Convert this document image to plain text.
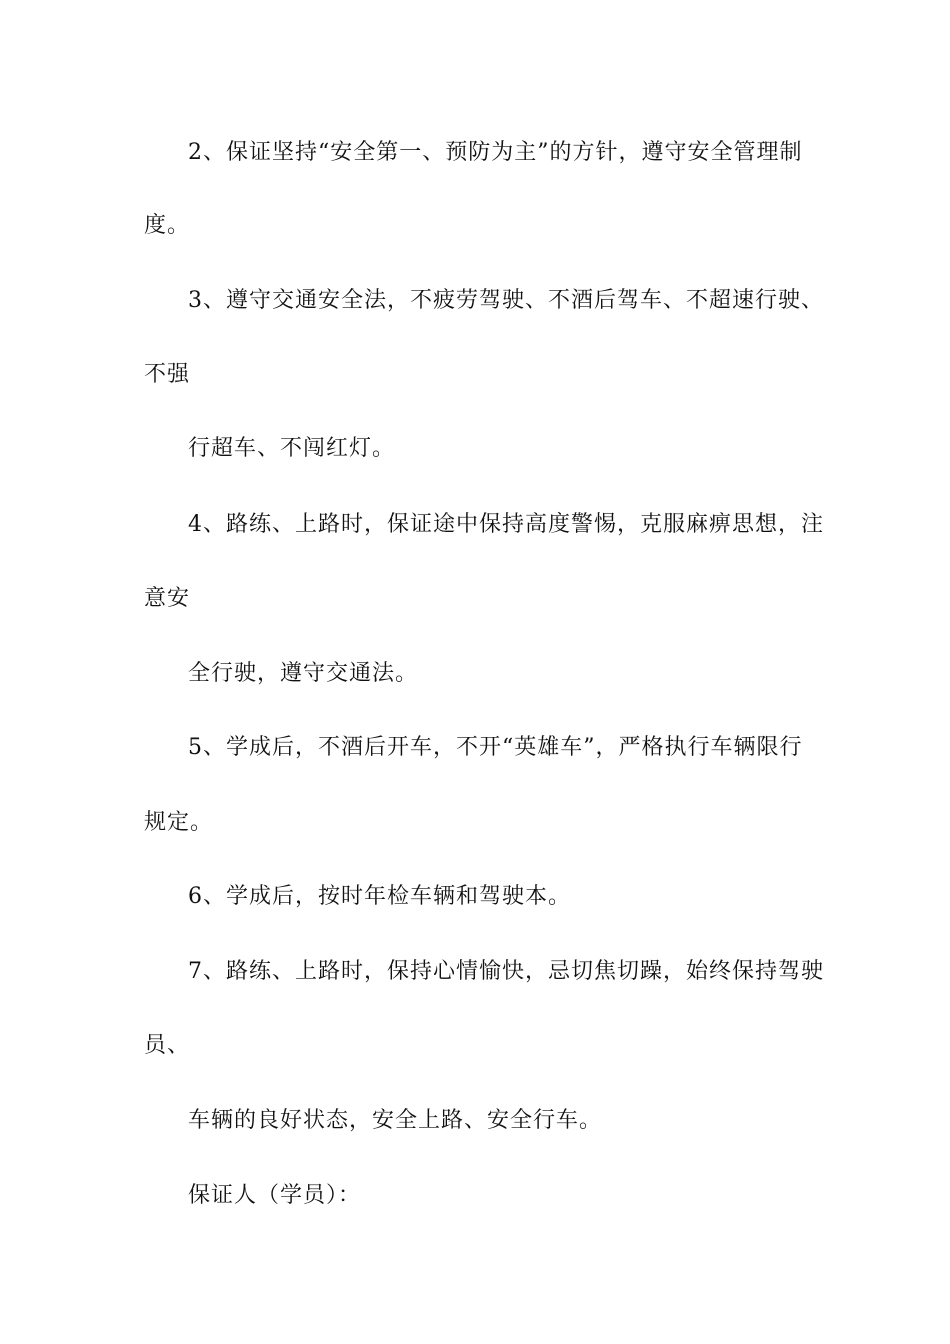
2、保证坚持“安全第一、预防为主”的方针，遵守安全管理制
度。
3、遵守交通安全法，不疲劳驾驶、不酒后驾车、不超速行驶、
不强
行超车、不闯红灯。
4、路练、上路时，保证途中保持高度警惕，克服麻痹思想，注
意安
全行驶，遵守交通法。
5、学成后，不酒后开车，不开“英雄车”，严格执行车辆限行
规定。
6、学成后，按时年检车辆和驾驶本。
7、路练、上路时，保持心情愉快，忌切焦切躁，始终保持驾驶
员、
车辆的良好状态，安全上路、安全行车。
保证人（学员）：
